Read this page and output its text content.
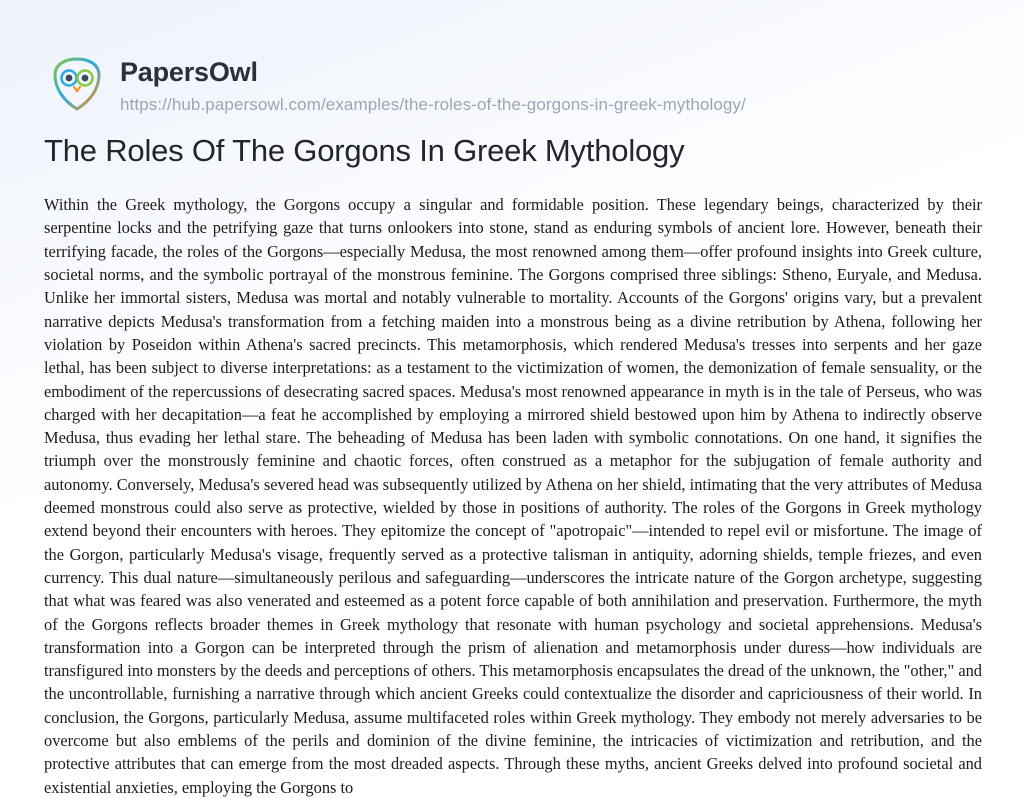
PapersOwl
https://hub.papersowl.com/examples/the-roles-of-the-gorgons-in-greek-mythology/
The Roles Of The Gorgons In Greek Mythology

Within the Greek mythology, the Gorgons occupy a singular and formidable position. These legendary beings, characterized by their serpentine locks and the petrifying gaze that turns onlookers into stone, stand as enduring symbols of ancient lore. However, beneath their terrifying facade, the roles of the Gorgons—especially Medusa, the most renowned among them—offer profound insights into Greek culture, societal norms, and the symbolic portrayal of the monstrous feminine. The Gorgons comprised three siblings: Stheno, Euryale, and Medusa. Unlike her immortal sisters, Medusa was mortal and notably vulnerable to mortality. Accounts of the Gorgons' origins vary, but a prevalent narrative depicts Medusa's transformation from a fetching maiden into a monstrous being as a divine retribution by Athena, following her violation by Poseidon within Athena's sacred precincts. This metamorphosis, which rendered Medusa's tresses into serpents and her gaze lethal, has been subject to diverse interpretations: as a testament to the victimization of women, the demonization of female sensuality, or the embodiment of the repercussions of desecrating sacred spaces. Medusa's most renowned appearance in myth is in the tale of Perseus, who was charged with her decapitation—a feat he accomplished by employing a mirrored shield bestowed upon him by Athena to indirectly observe Medusa, thus evading her lethal stare. The beheading of Medusa has been laden with symbolic connotations. On one hand, it signifies the triumph over the monstrously feminine and chaotic forces, often construed as a metaphor for the subjugation of female authority and autonomy. Conversely, Medusa's severed head was subsequently utilized by Athena on her shield, intimating that the very attributes of Medusa deemed monstrous could also serve as protective, wielded by those in positions of authority. The roles of the Gorgons in Greek mythology extend beyond their encounters with heroes. They epitomize the concept of "apotropaic"—intended to repel evil or misfortune. The image of the Gorgon, particularly Medusa's visage, frequently served as a protective talisman in antiquity, adorning shields, temple friezes, and even currency. This dual nature—simultaneously perilous and safeguarding—underscores the intricate nature of the Gorgon archetype, suggesting that what was feared was also venerated and esteemed as a potent force capable of both annihilation and preservation. Furthermore, the myth of the Gorgons reflects broader themes in Greek mythology that resonate with human psychology and societal apprehensions. Medusa's transformation into a Gorgon can be interpreted through the prism of alienation and metamorphosis under duress—how individuals are transfigured into monsters by the deeds and perceptions of others. This metamorphosis encapsulates the dread of the unknown, the "other," and the uncontrollable, furnishing a narrative through which ancient Greeks could contextualize the disorder and capriciousness of their world. In conclusion, the Gorgons, particularly Medusa, assume multifaceted roles within Greek mythology. They embody not merely adversaries to be overcome but also emblems of the perils and dominion of the divine feminine, the intricacies of victimization and retribution, and the protective attributes that can emerge from the most dreaded aspects. Through these myths, ancient Greeks delved into profound societal and existential anxieties, employing the Gorgons to
